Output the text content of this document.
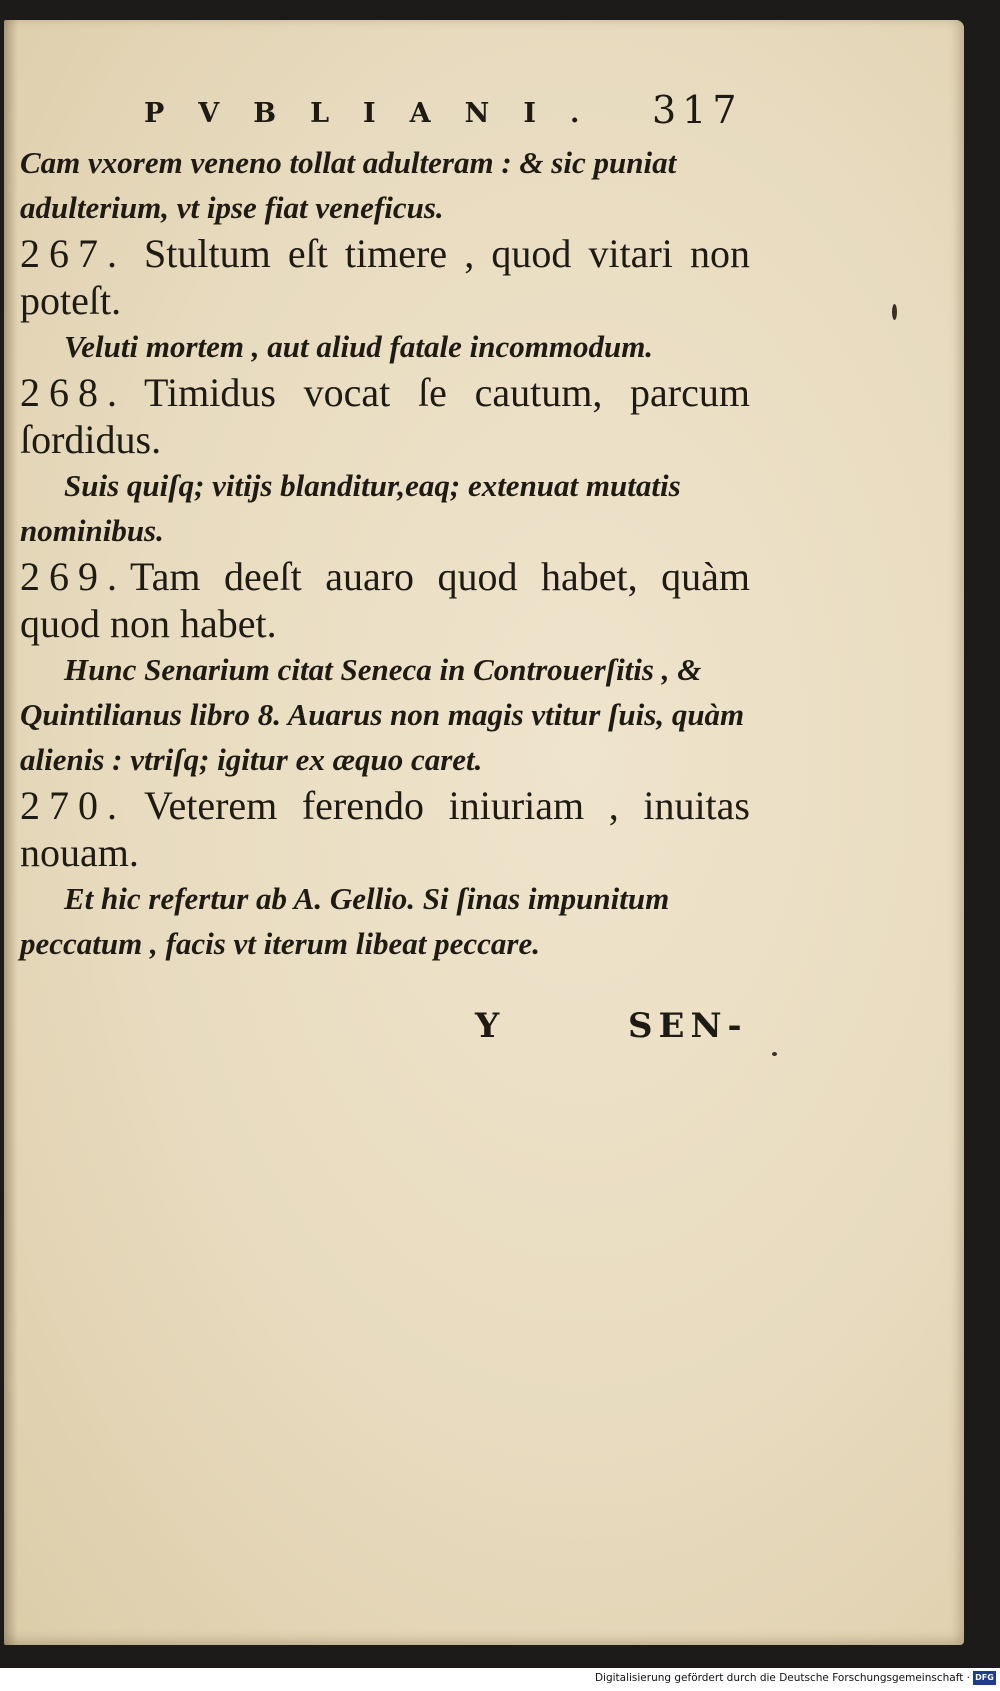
PVBLIANI. 317

Cam vxorem veneno tollat adulteram : & sic puniat

adulterium, vt ipse fiat veneficus.

267. Stultum eſt timere , quod vitari non poteſt.

Veluti mortem , aut aliud fatale incommodum.

268. Timidus vocat ſe cautum, parcum ſordidus.

Suis quiſq; vitijs blanditur,eaq; extenuat mutatis nominibus.

269. Tam deeſt auaro quod habet, quàm quod non habet.

Hunc Senarium citat Seneca in Controuerſitis , & Quintilianus libro 8. Auarus non magis vtitur ſuis, quàm alienis : vtriſq; igitur ex æquo caret.

270. Veterem ferendo iniuriam , inuitas nouam.

Et hic refertur ab A. Gellio. Si ſinas impunitum peccatum , facis vt iterum libeat peccare.

Y	SEN-
Digitalisierung gefördert durch die Deutsche Forschungsgemeinschaft · DFG
